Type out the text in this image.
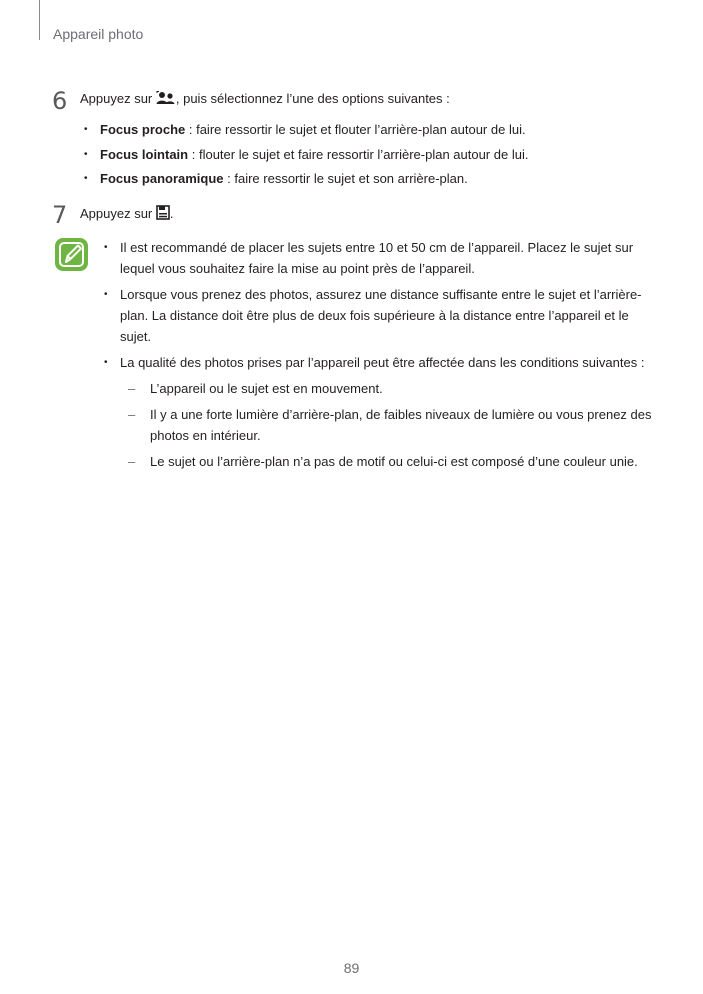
Appareil photo
6 Appuyez sur , puis sélectionnez l’une des options suivantes :
• Focus proche : faire ressortir le sujet et flouter l’arrière-plan autour de lui.
• Focus lointain : flouter le sujet et faire ressortir l’arrière-plan autour de lui.
• Focus panoramique : faire ressortir le sujet et son arrière-plan.
7 Appuyez sur .
• Il est recommandé de placer les sujets entre 10 et 50 cm de l’appareil. Placez le sujet sur lequel vous souhaitez faire la mise au point près de l’appareil.
• Lorsque vous prenez des photos, assurez une distance suffisante entre le sujet et l’arrière-plan. La distance doit être plus de deux fois supérieure à la distance entre l’appareil et le sujet.
• La qualité des photos prises par l’appareil peut être affectée dans les conditions suivantes :
– L’appareil ou le sujet est en mouvement.
– Il y a une forte lumière d’arrière-plan, de faibles niveaux de lumière ou vous prenez des photos en intérieur.
– Le sujet ou l’arrière-plan n’a pas de motif ou celui-ci est composé d’une couleur unie.
89
